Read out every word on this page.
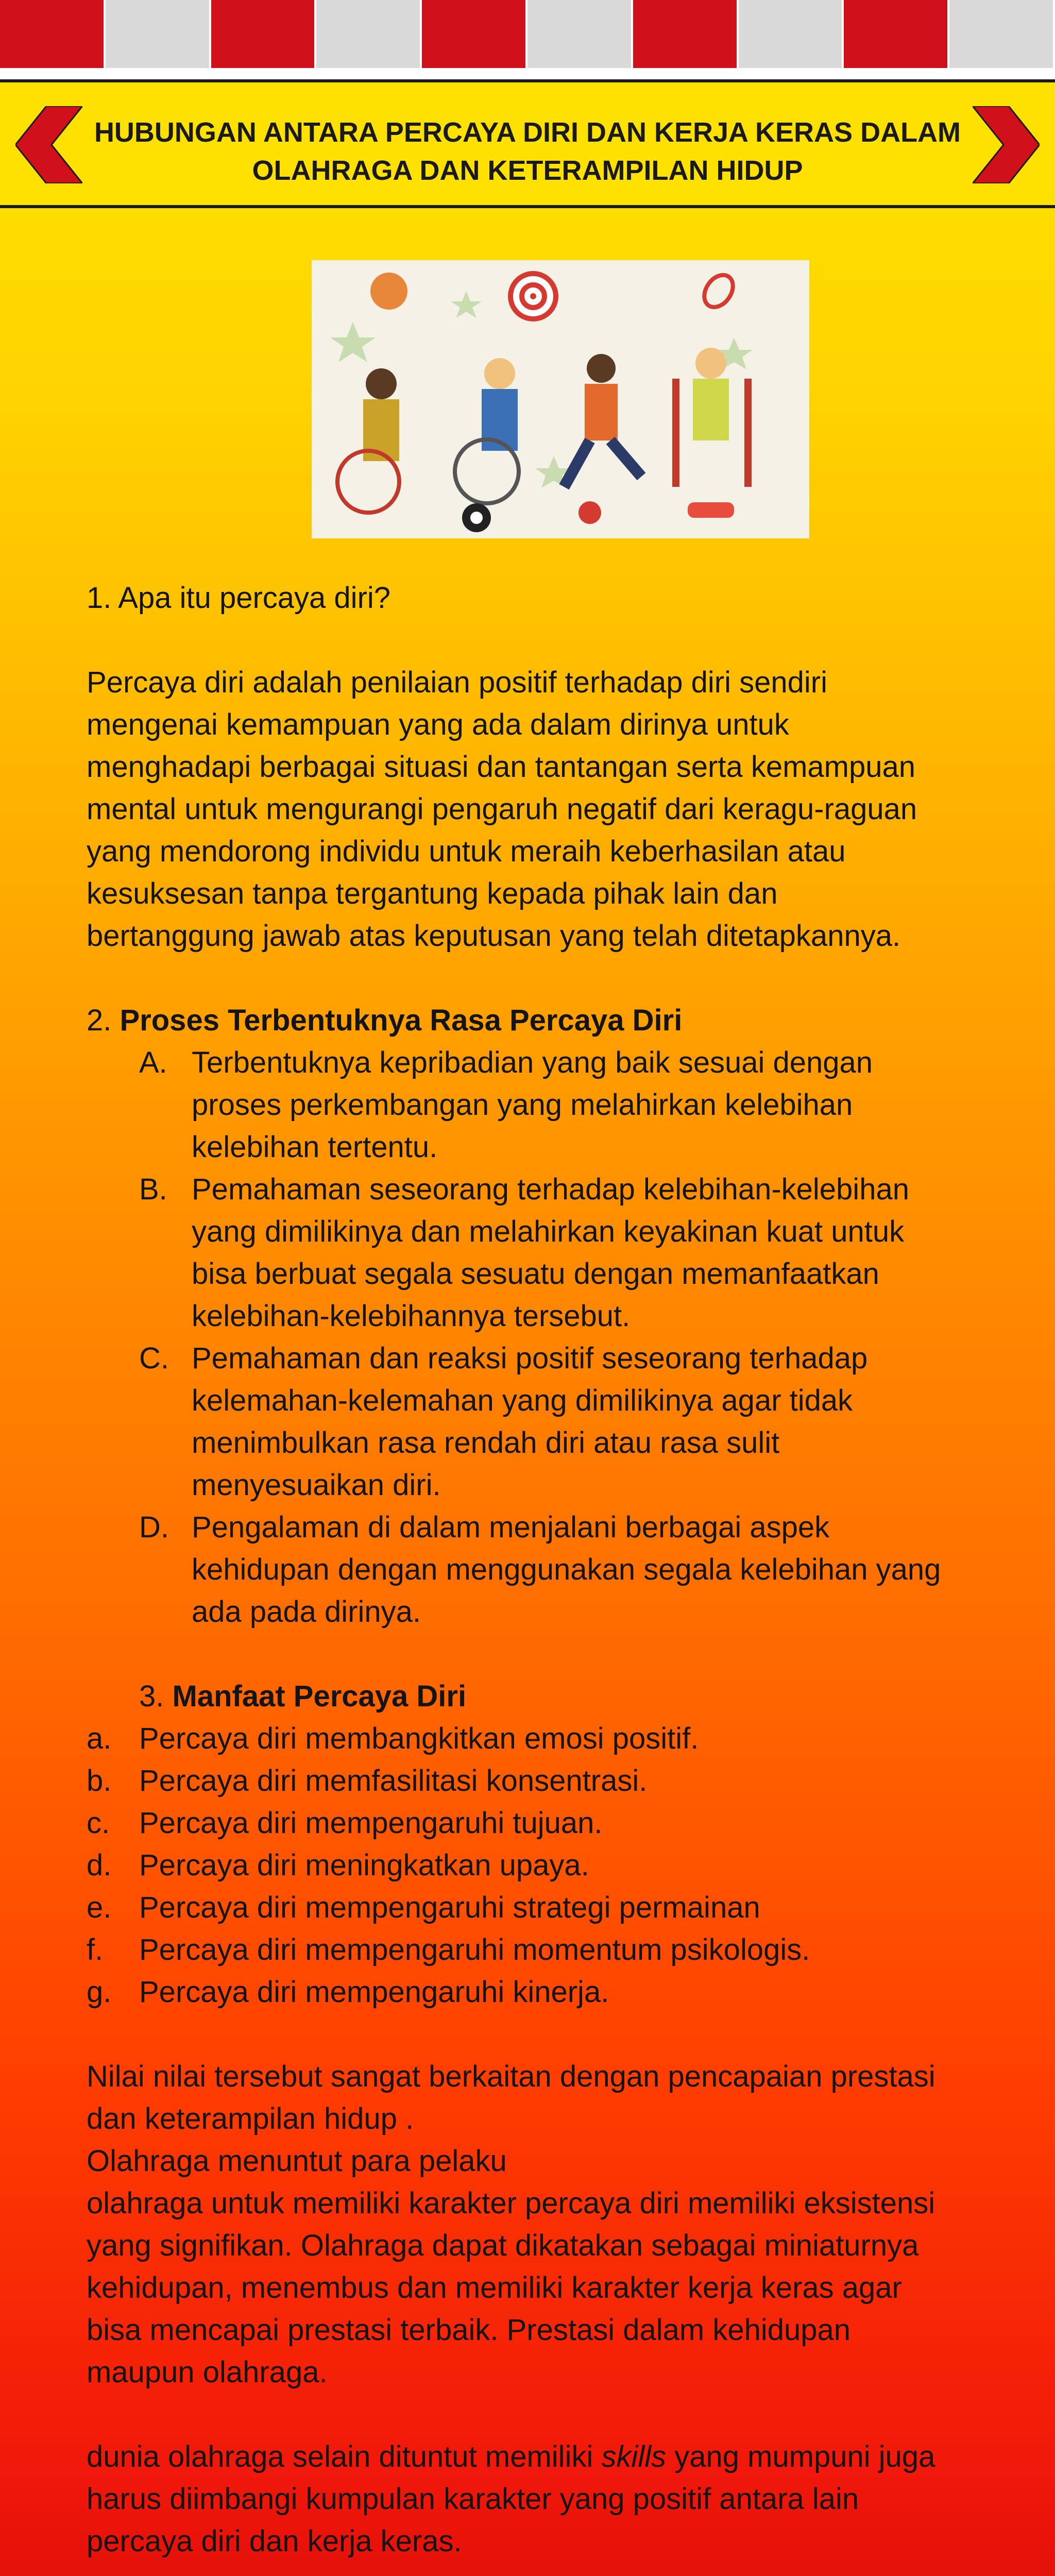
HUBUNGAN ANTARA PERCAYA DIRI DAN KERJA KERAS DALAM
OLAHRAGA DAN KETERAMPILAN HIDUP

1. Apa itu percaya diri?

Percaya diri adalah penilaian positif terhadap diri sendiri

mengenai kemampuan yang ada dalam dirinya untuk

menghadapi berbagai situasi dan tantangan serta kemampuan

mental untuk mengurangi pengaruh negatif dari keragu-raguan

yang mendorong individu untuk meraih keberhasilan atau

kesuksesan tanpa tergantung kepada pihak lain dan

bertanggung jawab atas keputusan yang telah ditetapkannya.

2. Proses Terbentuknya Rasa Percaya Diri

A. Terbentuknya kepribadian yang baik sesuai dengan

proses perkembangan yang melahirkan kelebihan

kelebihan tertentu.

B. Pemahaman seseorang terhadap kelebihan-kelebihan

yang dimilikinya dan melahirkan keyakinan kuat untuk

bisa berbuat segala sesuatu dengan memanfaatkan

kelebihan-kelebihannya tersebut.

C. Pemahaman dan reaksi positif seseorang terhadap

kelemahan-kelemahan yang dimilikinya agar tidak

menimbulkan rasa rendah diri atau rasa sulit

menyesuaikan diri.

D. Pengalaman di dalam menjalani berbagai aspek

kehidupan dengan menggunakan segala kelebihan yang

ada pada dirinya.

3. Manfaat Percaya Diri

a. Percaya diri membangkitkan emosi positif.
b. Percaya diri memfasilitasi konsentrasi.
c. Percaya diri mempengaruhi tujuan.
d. Percaya diri meningkatkan upaya.
e. Percaya diri mempengaruhi strategi permainan
f. Percaya diri mempengaruhi momentum psikologis.
g. Percaya diri mempengaruhi kinerja.

Nilai nilai tersebut sangat berkaitan dengan pencapaian prestasi

dan keterampilan hidup .

Olahraga menuntut para pelaku

olahraga untuk memiliki karakter percaya diri memiliki eksistensi

yang signifikan. Olahraga dapat dikatakan sebagai miniaturnya

kehidupan, menembus dan memiliki karakter kerja keras agar

bisa mencapai prestasi terbaik. Prestasi dalam kehidupan

maupun olahraga.

dunia olahraga selain dituntut memiliki skills yang mumpuni juga

harus diimbangi kumpulan karakter yang positif antara lain

percaya diri dan kerja keras.
